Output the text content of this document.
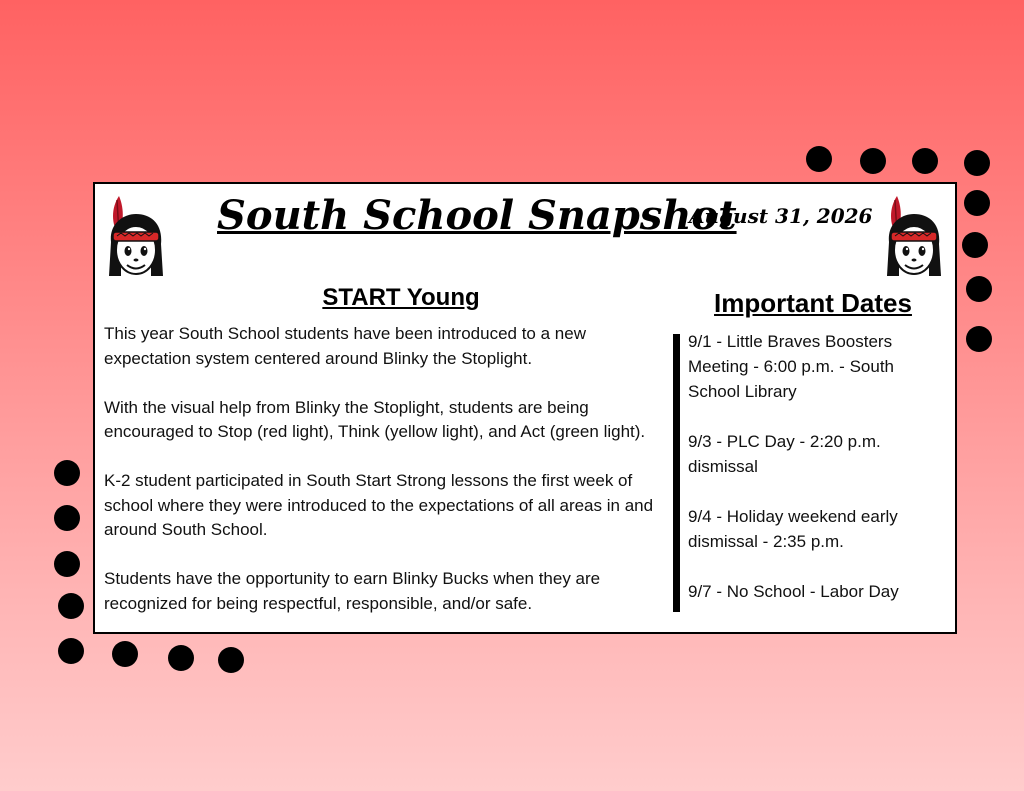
South School Snapshot
August 31, 2026
START Young

This year South School students have been introduced to a new expectation system centered around Blinky the Stoplight.

With the visual help from Blinky the Stoplight, students are being encouraged to Stop (red light), Think (yellow light), and Act (green light).

K-2 student participated in South Start Strong lessons the first week of school where they were introduced to the expectations of all areas in and around South School.

Students have the opportunity to earn Blinky Bucks when they are recognized for being respectful, responsible, and/or safe.

Important Dates

9/1 - Little Braves Boosters Meeting - 6:00 p.m. - South School Library

9/3 - PLC Day - 2:20 p.m. dismissal

9/4 - Holiday weekend early dismissal - 2:35 p.m.

9/7 - No School - Labor Day
